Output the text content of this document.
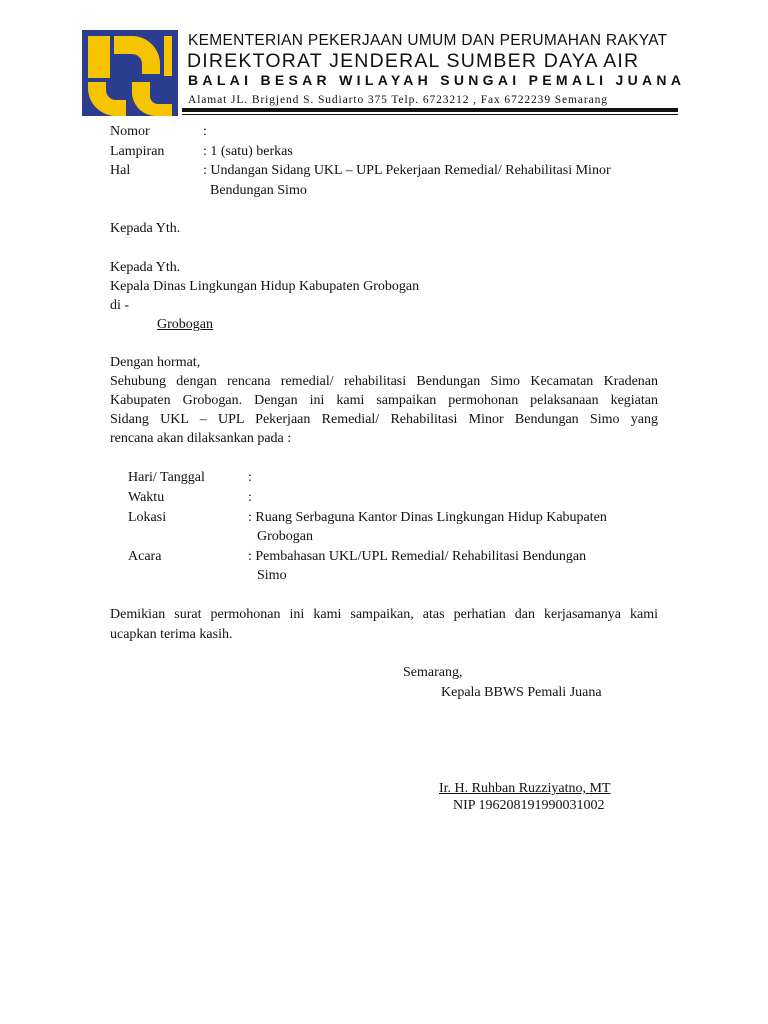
KEMENTERIAN PEKERJAAN UMUM DAN PERUMAHAN RAKYAT
DIREKTORAT JENDERAL SUMBER DAYA AIR
BALAI BESAR WILAYAH SUNGAI PEMALI JUANA
Alamat JL. Brigjend S. Sudiarto 375 Telp. 6723212 , Fax 6722239 Semarang
Nomor	:
Lampiran	: 1 (satu) berkas
Hal	: Undangan Sidang UKL – UPL Pekerjaan Remedial/ Rehabilitasi Minor
Bendungan Simo
Kepada Yth.
Kepada Yth.
Kepala Dinas Lingkungan Hidup Kabupaten Grobogan
di -
Grobogan
Dengan hormat,
Sehubung dengan rencana remedial/ rehabilitasi Bendungan Simo Kecamatan Kradenan
Kabupaten Grobogan. Dengan ini kami sampaikan permohonan pelaksanaan kegiatan
Sidang UKL – UPL Pekerjaan Remedial/ Rehabilitasi Minor Bendungan Simo yang
rencana akan dilaksankan pada :
Hari/ Tanggal	:
Waktu	:
Lokasi	: Ruang Serbaguna Kantor Dinas Lingkungan Hidup Kabupaten
Grobogan
Acara	: Pembahasan UKL/UPL Remedial/ Rehabilitasi Bendungan
Simo
Demikian surat permohonan ini kami sampaikan, atas perhatian dan kerjasamanya kami
ucapkan terima kasih.
Semarang,
Kepala BBWS Pemali Juana
Ir. H. Ruhban Ruzziyatno, MT
NIP 196208191990031002
